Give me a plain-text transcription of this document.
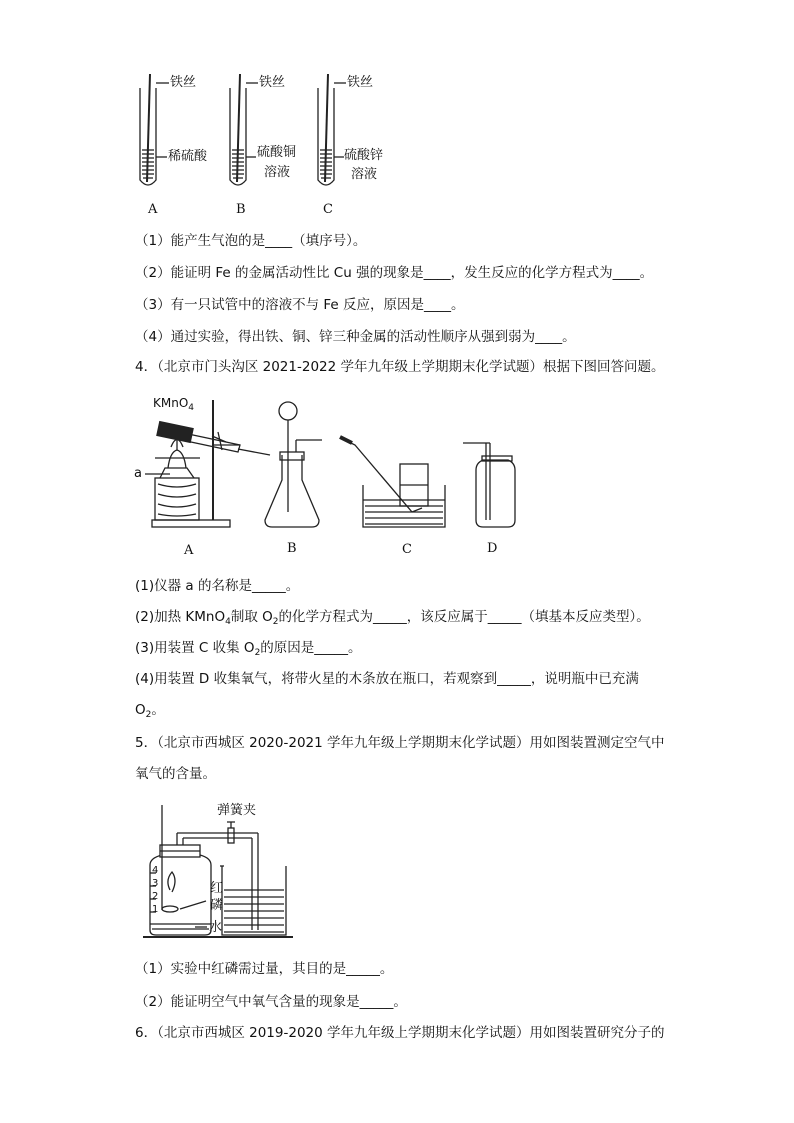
铁丝
稀硫酸
铁丝
硫酸铜
溶液
铁丝
硫酸锌
溶液
A	B	C
（1）能产生气泡的是____（填序号）。
（2）能证明 Fe 的金属活动性比 Cu 强的现象是____，发生反应的化学方程式为____。
（3）有一只试管中的溶液不与 Fe 反应，原因是____。
（4）通过实验，得出铁、铜、锌三种金属的活动性顺序从强到弱为____。
4．（北京市门头沟区 2021-2022 学年九年级上学期期末化学试题）根据下图回答问题。
KMnO$_4$
a
A	B	C	D
(1)仪器 a 的名称是_____。
(2)加热 KMnO$_4$制取 $O_2$的化学方程式为_____，该反应属于_____（填基本反应类型）。
(3)用装置 C 收集 $O_2$的原因是_____。
(4)用装置 D 收集氧气，将带火星的木条放在瓶口，若观察到_____，说明瓶中已充满
$O_2$。
5．（北京市西城区 2020-2021 学年九年级上学期期末化学试题）用如图装置测定空气中
氧气的含量。
弹簧夹
红
磷
水
4
3
2
1
（1）实验中红磷需过量，其目的是_____。
（2）能证明空气中氧气含量的现象是_____。
6．（北京市西城区 2019-2020 学年九年级上学期期末化学试题）用如图装置研究分子的
